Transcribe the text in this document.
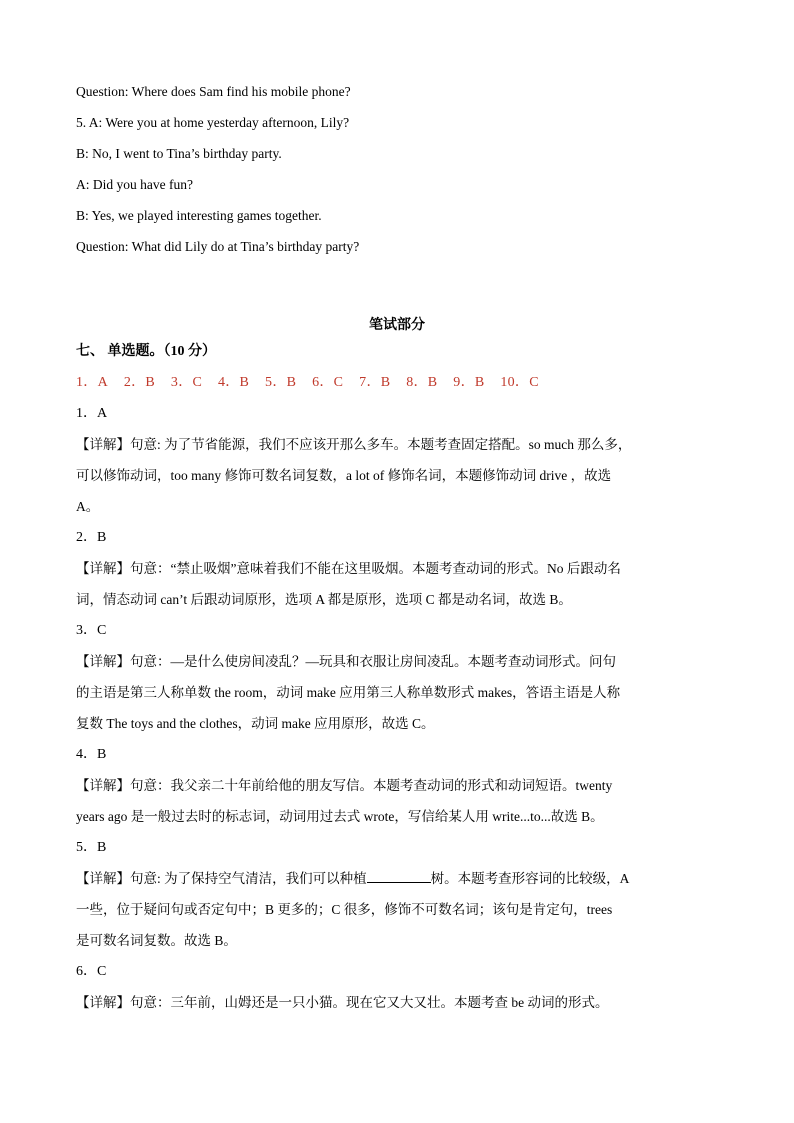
Question: Where does Sam find his mobile phone?
5. A: Were you at home yesterday afternoon, Lily?
B: No, I went to Tina’s birthday party.
A: Did you have fun?
B: Yes, we played interesting games together.
Question: What did Lily do at Tina’s birthday party?
笔试部分
七、 单选题。（10 分）
1．A 2．B 3．C 4．B 5．B 6．C 7．B 8．B 9．B 10．C
1．A
【详解】句意: 为了节省能源，我们不应该开那么多车。本题考查固定搭配。so much 那么多，
可以修饰动词，too many 修饰可数名词复数，a lot of 修饰名词，本题修饰动词 drive ，故选
A。
2．B
【详解】句意：“禁止吸烟”意味着我们不能在这里吸烟。本题考查动词的形式。No 后跟动名
词，情态动词 can’t 后跟动词原形，选项 A 都是原形，选项 C 都是动名词，故选 B。
3．C
【详解】句意：—是什么使房间凌乱？—玩具和衣服让房间凌乱。本题考查动词形式。问句
的主语是第三人称单数 the room，动词 make 应用第三人称单数形式 makes，答语主语是人称
复数 The toys and the clothes，动词 make 应用原形，故选 C。
4．B
【详解】句意：我父亲二十年前给他的朋友写信。本题考查动词的形式和动词短语。twenty
years ago 是一般过去时的标志词，动词用过去式 wrote，写信给某人用 write...to...故选 B。
5．B
【详解】句意: 为了保持空气清洁，我们可以种植	树。本题考查形容词的比较级，A
一些，位于疑问句或否定句中；B 更多的；C 很多，修饰不可数名词；该句是肯定句，trees
是可数名词复数。故选 B。
6．C
【详解】句意：三年前，山姆还是一只小猫。现在它又大又壮。本题考查 be 动词的形式。
